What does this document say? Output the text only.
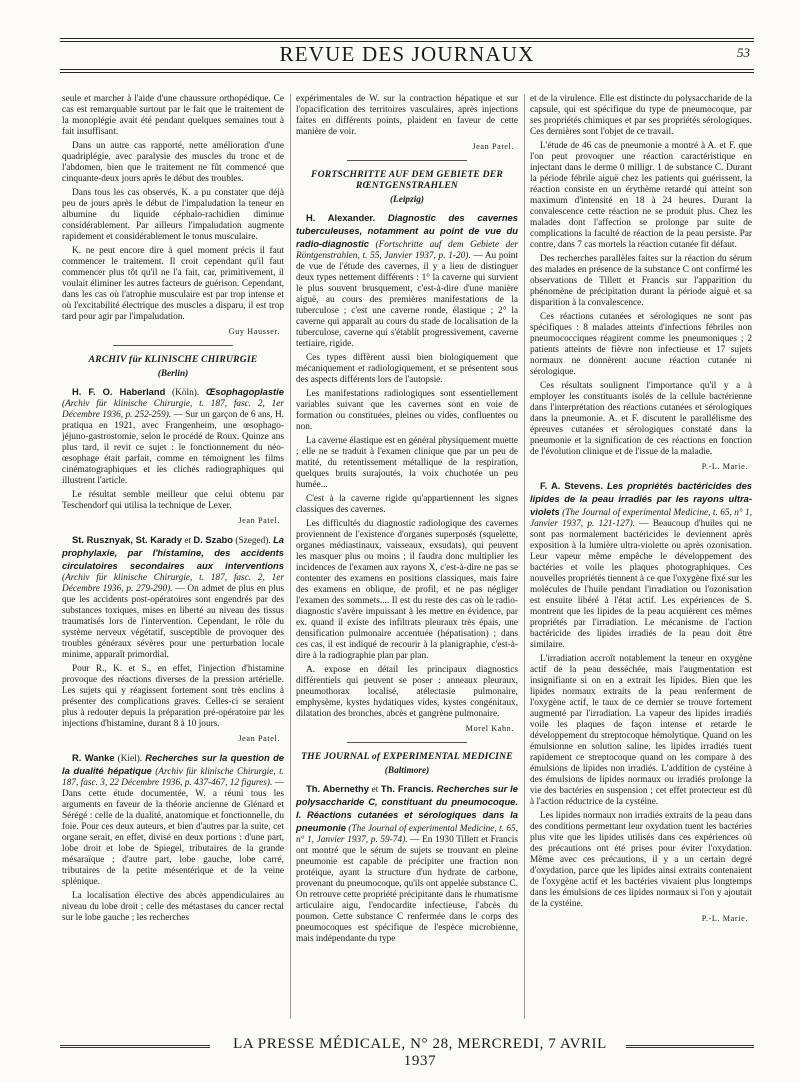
REVUE DES JOURNAUX	53

seule et marcher à l'aide d'une chaussure orthopédique. Ce cas est remarquable surtout par le fait que le traitement de la monoplégie avait été pendant quelques semaines tout à fait insuffisant.

Dans un autre cas rapporté, nette amélioration d'une quadriplégie, avec paralysie des muscles du tronc et de l'abdomen, bien que le traitement ne fût commencé que cinquante-deux jours après le début des troubles.

Dans tous les cas observés, K. a pu constater que déjà peu de jours après le début de l'impaludation la teneur en albumine du liquide céphalo-rachidien diminue considérablement. Par ailleurs l'impaludation augmente rapidement et considérablement le tonus musculaire.

K. ne peut encore dire à quel moment précis il faut commencer le traitement. Il croit cependant qu'il faut commencer plus tôt qu'il ne l'a fait, car, primitivement, il voulait éliminer les autres facteurs de guérison. Cependant, dans les cas où l'atrophie musculaire est par trop intense et où l'excitabilité électrique des muscles a disparu, il est trop tard pour agir par l'impaludation.

Guy Hausser.
ARCHIV für KLINISCHE CHIRURGIE
(Berlin)
H. F. O. Haberland (Köln). Œsophagoplastie (Archiv für klinische Chirurgie, t. 187, fasc. 2, 1er Décembre 1936, p. 252-259). — Sur un garçon de 6 ans, H. pratiqua en 1921, avec Frangenheim, une œsophago-jéjuno-gastrostomie, selon le procédé de Roux. Quinze ans plus tard, il revit ce sujet : le fonctionnement du néo-œsophage était parfait, comme en témoignent les films cinématographiques et les clichés radiographiques qui illustrent l'article.

Le résultat semble meilleur que celui obtenu par Teschendorf qui utilisa la technique de Lexer.

Jean Patel.
St. Rusznyak, St. Karady et D. Szabo (Szeged). La prophylaxie, par l'histamine, des accidents circulatoires secondaires aux interventions (Archiv für klinische Chirurgie, t. 187, fasc. 2, 1er Décembre 1936, p. 279-290). — On admet de plus en plus que les accidents post-opératoires sont engendrés par des substances toxiques, mises en liberté au niveau des tissus traumatisés lors de l'intervention. Cependant, le rôle du système nerveux végétatif, susceptible de provoquer des troubles généraux sévères pour une perturbation locale minime, apparaît primordial.

Pour R., K. et S., en effet, l'injection d'histamine provoque des réactions diverses de la pression artérielle. Les sujets qui y réagissent fortement sont très enclins à présenter des complications graves. Celles-ci se seraient plus à redouter depuis la préparation pré-opératoire par les injections d'histamine, durant 8 à 10 jours.

Jean Patel.
R. Wanke (Kiel). Recherches sur la question de la dualité hépatique (Archiv für klinische Chirurgie, t. 187, fasc. 3, 22 Décembre 1936, p. 437-467, 12 figures). — Dans cette étude documentée, W. a réuni tous les arguments en faveur de la théorie ancienne de Glénard et Sérégé : celle de la dualité, anatomique et fonctionnelle, du foie. Pour ces deux auteurs, et bien d'autres par la suite, cet organe serait, en effet, divisé en deux portions : d'une part, lobe droit et lobe de Spiegel, tributaires de la grande mésaraïque ; d'autre part, lobe gauche, lobe carré, tributaires de la petite mésentérique et de la veine splénique.

La localisation élective des abcès appendiculaires au niveau du lobe droit ; celle des métastases du cancer rectal sur le lobe gauche ; les recherches

expérimentales de W. sur la contraction hépatique et sur l'opacification des territoires vasculaires, après injections faites en différents points, plaident en faveur de cette manière de voir.

Jean Patel.
FORTSCHRITTE AUF DEM GEBIETE DER RŒNTGENSTRAHLEN
(Leipzig)
H. Alexander. Diagnostic des cavernes tuberculeuses, notamment au point de vue du radio-diagnostic (Fortschritte auf dem Gebiete der Röntgenstrahlen, t. 55, Janvier 1937, p. 1-20). — Au point de vue de l'étude des cavernes, il y a lieu de distinguer deux types nettement différents : 1° la caverne qui survient le plus souvent brusquement, c'est-à-dire d'une manière aiguë, au cours des premières manifestations de la tuberculose ; c'est une caverne ronde, élastique ; 2° la caverne qui apparaît au cours du stade de localisation de la tuberculose, caverne qui s'établit progressivement, caverne tertiaire, rigide.

Ces types diffèrent aussi bien biologiquement que mécaniquement et radiologiquement, et se présentent sous des aspects différents lors de l'autopsie.

Les manifestations radiologiques sont essentiellement variables suivant que les cavernes sont en voie de formation ou constituées, pleines ou vides, confluentes ou non.

La caverne élastique est en général physiquement muette ; elle ne se traduit à l'examen clinique que par un peu de matité, du retentissement métallique de la respiration, quelques bruits surajoutés, la voix chuchotée un peu humée...

C'est à la caverne rigide qu'appartiennent les signes classiques des cavernes.

Les difficultés du diagnostic radiologique des cavernes proviennent de l'existence d'organes superposés (squelette, organes médiastinaux, vaisseaux, exsudats), qui peuvent les masquer plus ou moins ; il faudra donc multiplier les incidences de l'examen aux rayons X, c'est-à-dire ne pas se contenter des examens en positions classiques, mais faire des examens en oblique, de profil, et ne pas négliger l'examen des sommets.... Il est du reste des cas où le radio-diagnostic s'avère impuissant à les mettre en évidence, par ex. quand il existe des infiltrats pleuraux très épais, une densification pulmonaire accentuée (hépatisation) ; dans ces cas, il est indiqué de recourir à la planigraphie, c'est-à-dire à la radiographie plan par plan.

A. expose en détail les principaux diagnostics différentiels qui peuvent se poser : anneaux pleuraux, pneumothorax localisé, atélectasie pulmonaire, emphysème, kystes hydatiques vides, kystes congénitaux, dilatation des bronches, abcès et gangrène pulmonaire.

Morel Kahn.
THE JOURNAL of EXPERIMENTAL MEDICINE
(Baltimore)
Th. Abernethy et Th. Francis. Recherches sur le polysaccharide C, constituant du pneumocoque. I. Réactions cutanées et sérologiques dans la pneumonie (The Journal of experimental Medicine, t. 65, n° 1, Janvier 1937, p. 59-74). — En 1930 Tillett et Francis ont montré que le sérum de sujets se trouvant en pleine pneumonie est capable de précipiter une fraction non protéique, ayant la structure d'un hydrate de carbone, provenant du pneumocoque, qu'ils ont appelée substance C. On retrouve cette propriété précipitante dans le rhumatisme articulaire aigu, l'endocardite infectieuse, l'abcès du poumon. Cette substance C renfermée dans le corps des pneumocoques est spécifique de l'espèce microbienne, mais indépendante du type

et de la virulence. Elle est distincte du polysaccharide de la capsule, qui est spécifique du type de pneumocoque, par ses propriétés chimiques et par ses propriétés sérologiques. Ces dernières sont l'objet de ce travail.

L'étude de 46 cas de pneumonie a montré à A. et F. que l'on peut provoquer une réaction caractéristique en injectant dans le derme 0 milligr. 1 de substance C. Durant la période fébrile aiguë chez les patients qui guérissent, la réaction consiste en un érythème retardé qui atteint son maximum d'intensité en 18 à 24 heures. Durant la convalescence cette réaction ne se produit plus. Chez les malades dont l'affection se prolonge par suite de complications la faculté de réaction de la peau persiste. Par contre, dans 7 cas mortels la réaction cutanée fit défaut.

Des recherches parallèles faites sur la réaction du sérum des malades en présence de la substance C ont confirmé les observations de Tillett et Francis sur l'apparition du phénomène de précipitation durant la période aiguë et sa disparition à la convalescence.

Ces réactions cutanées et sérologiques ne sont pas spécifiques : 8 malades atteints d'infections fébriles non pneumococciques réagirent comme les pneumoniques ; 2 patients atteints de fièvre non infectieuse et 17 sujets normaux ne donnèrent aucune réaction cutanée ni sérologique.

Ces résultats soulignent l'importance qu'il y a à employer les constituants isolés de la cellule bactérienne dans l'interprétation des réactions cutanées et sérologiques dans la pneumonie. A. et F. discutent le parallélisme des épreuves cutanées et sérologiques constaté dans la pneumonie et la signification de ces réactions en fonction de l'évolution clinique et de l'issue de la maladie.

P.-L. Marie.
F. A. Stevens. Les propriétés bactéricides des lipides de la peau irradiés par les rayons ultra-violets (The Journal of experimental Medicine, t. 65, n° 1, Janvier 1937, p. 121-127). — Beaucoup d'huiles qui ne sont pas normalement bactéricides le deviennent après exposition à la lumière ultra-violette ou après ozonisation. Leur vapeur même empêche le développement des bactéries et voile les plaques photographiques. Ces nouvelles propriétés tiennent à ce que l'oxygène fixé sur les molécules de l'huile pendant l'irradiation ou l'ozonisation est ensuite libéré à l'état actif. Les expériences de S. montrent que les lipides de la peau acquièrent ces mêmes propriétés par l'irradiation. Le mécanisme de l'action bactéricide des lipides irradiés de la peau doit être similaire.

L'irradiation accroît notablement la teneur en oxygène actif de la peau desséchée, mais l'augmentation est insignifiante si on en a extrait les lipides. Bien que les lipides normaux extraits de la peau renferment de l'oxygène actif, le taux de ce dernier se trouve fortement augmenté par l'irradiation. La vapeur des lipides irradiés voile les plaques de façon intense et retarde le développement du streptocoque hémolytique. Quand on les émulsionne en solution saline, les lipides irradiés tuent rapidement ce streptocoque quand on les compare à des émulsions de lipides non irradiés. L'addition de cystéine à des émulsions de lipides normaux ou irradiés prolonge la vie des bactéries en suspension ; cet effet protecteur est dû à l'action réductrice de la cystéine.

Les lipides normaux non irradiés extraits de la peau dans des conditions permettant leur oxydation tuent les bactéries plus vite que les lipides utilisés dans ces expériences où des précautions ont été prises pour éviter l'oxydation. Même avec ces précautions, il y a un certain degré d'oxydation, parce que les lipides ainsi extraits contenaient de l'oxygène actif et les bactéries vivaient plus longtemps dans les émulsions de ces lipides normaux si l'on y ajoutait de la cystéine.

P.-L. Marie.
LA PRESSE MÉDICALE, N° 28, MERCREDI, 7 AVRIL 1937
